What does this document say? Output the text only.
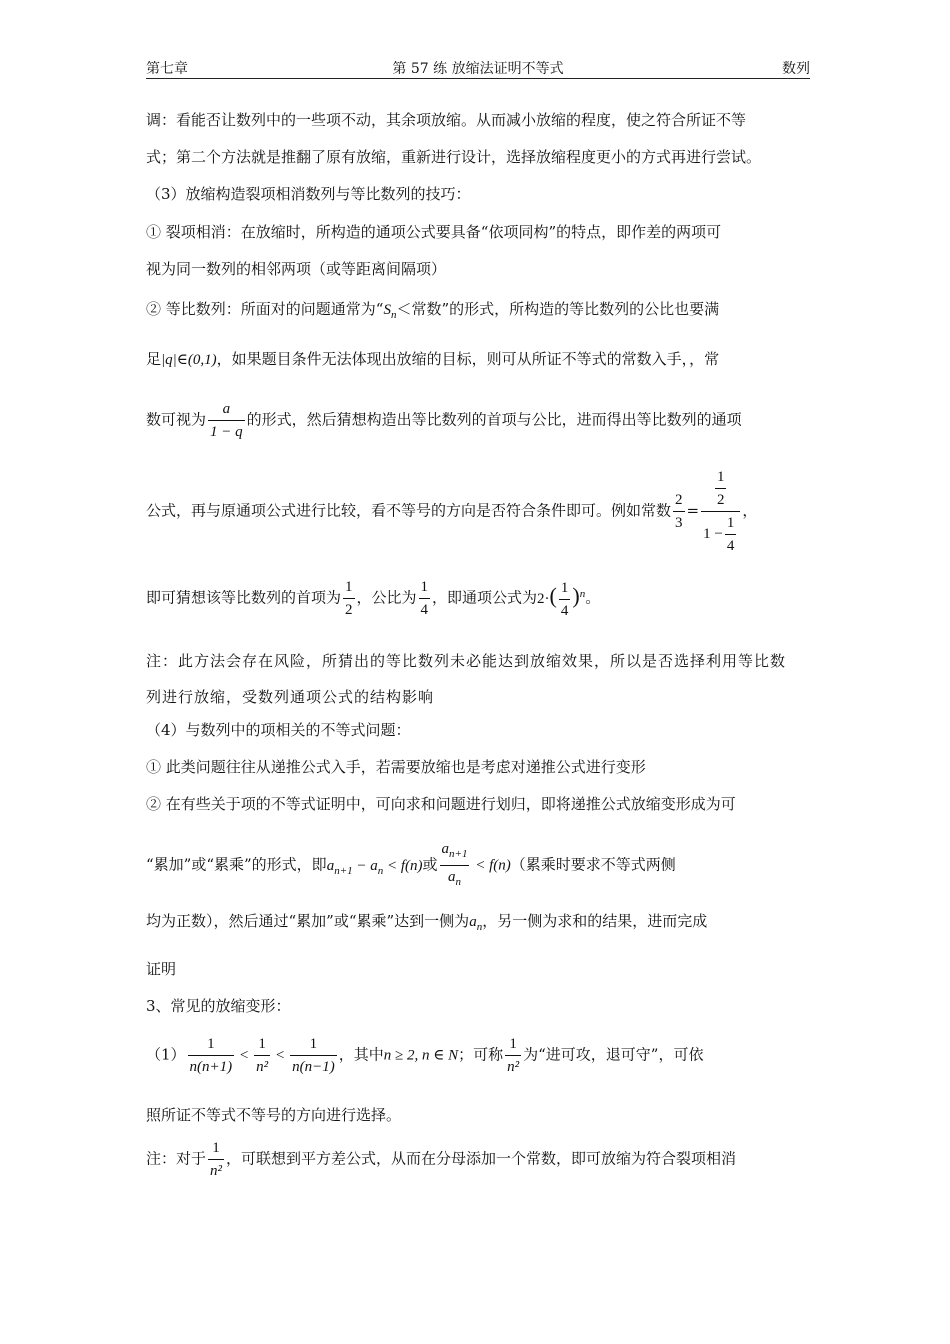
第 57 练 放缩法证明不等式
第七章	数列
调：看能否让数列中的一些项不动，其余项放缩。从而减小放缩的程度，使之符合所证不等
式；第二个方法就是推翻了原有放缩，重新进行设计，选择放缩程度更小的方式再进行尝试。
（3）放缩构造裂项相消数列与等比数列的技巧：
① 裂项相消：在放缩时，所构造的通项公式要具备“依项同构”的特点，即作差的两项可
视为同一数列的相邻两项（或等距离间隔项）
② 等比数列：所面对的问题通常为“$S_n<$常数”的形式，所构造的等比数列的公比也要满
足|q|∈(0,1)，如果题目条件无法体现出放缩的目标，则可从所证不等式的常数入手，，常
数可视为 $\frac{a}{1 - q}$ 的形式，然后猜想构造出等比数列的首项与公比，进而得出等比数列的通项
公式，再与原通项公式进行比较，看不等号的方向是否符合条件即可。例如常数 $\frac{2}{3} = \frac{\frac{1}{2}}{1 - \frac{1}{4}}$ ，
即可猜想该等比数列的首项为 $\frac{1}{2}$ ，公比为 $\frac{1}{4}$ ，即通项公式为$2\cdot( \frac{1}{4} )^n$。
注：此方法会存在风险，所猜出的等比数列未必能达到放缩效果，所以是否选择利用等比数
列进行放缩，受数列通项公式的结构影响
（4）与数列中的项相关的不等式问题：
① 此类问题往往从递推公式入手，若需要放缩也是考虑对递推公式进行变形
② 在有些关于项的不等式证明中，可向求和问题进行划归，即将递推公式放缩变形成为可
“累加”或“累乘”的形式，即$a_{n+1} - a_n < f(n)$或 $\frac{a_{n+1}}{a_n} < f(n)$（累乘时要求不等式两侧
均为正数），然后通过“累加”或“累乘”达到一侧为$a_n$，另一侧为求和的结果，进而完成
证明
3、常见的放缩变形：
$(1) \frac{1}{n(n+1)} < \frac{1}{\text{n²}} < \frac{1}{n(n-1)}$ ，其中n ≥ 2, n ∈ N；可称 $\frac{1}{\text{n²}}$ 为“进可攻，退可守”，可依
照所证不等式不等号的方向进行选择。
注：对于 $\frac{1}{\text{n²}}$ ，可联想到平方差公式，从而在分母添加一个常数，即可放缩为符合裂项相消
